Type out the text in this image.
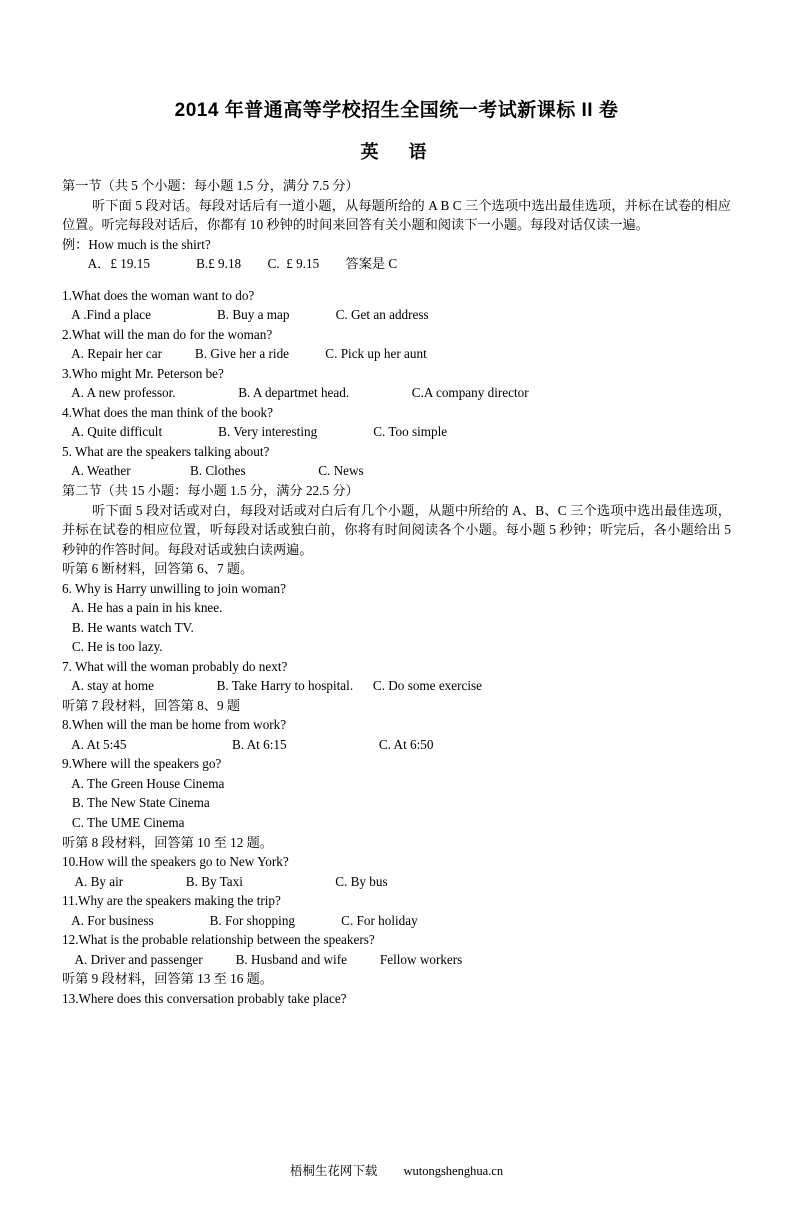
2014 年普通高等学校招生全国统一考试新课标 II 卷
英　语
第一节（共 5 个小题：每小题 1.5 分，满分 7.5 分）
听下面 5 段对话。每段对话后有一道小题，从每题所给的 A B C 三个选项中选出最佳选项，并标在试卷的相应位置。听完每段对话后，你都有 10 秒钟的时间来回答有关小题和阅读下一小题。每段对话仅读一遍。
例：How much is the shirt?
A．£ 19.15              B.£ 9.18        C.  £ 9.15        答案是 C
1.What does the woman want to do?
A .Find a place                    B. Buy a map              C. Get an address
2.What will the man do for the woman?
A. Repair her car          B. Give her a ride           C. Pick up her aunt
3.Who might Mr. Peterson be?
A. A new professor.                   B. A departmet head.                   C.A company director
4.What does the man think of the book?
A. Quite difficult                 B. Very interesting                 C. Too simple
5. What are the speakers talking about?
A. Weather                  B. Clothes                      C. News
第二节（共 15 小题：每小题 1.5 分，满分 22.5 分）
听下面 5 段对话或对白，每段对话或对白后有几个小题，从题中所给的 A、B、C 三个选项中选出最佳选项，并标在试卷的相应位置，听每段对话或独白前，你将有时间阅读各个小题。每小题 5 秒钟；听完后，各小题给出 5 秒钟的作答时间。每段对话或独白读两遍。
听第 6 断材料，回答第 6、7 题。
6. Why is Harry unwilling to join woman?
A. He has a pain in his knee.
B. He wants watch TV.
C. He is too lazy.
7. What will the woman probably do next?
A. stay at home                   B. Take Harry to hospital.      C. Do some exercise
听第 7 段材料，回答第 8、9 题
8.When will the man be home from work?
A. At 5:45                                B. At 6:15                            C. At 6:50
9.Where will the speakers go?
A. The Green House Cinema
B. The New State Cinema
C. The UME Cinema
听第 8 段材料，回答第 10 至 12 题。
10.How will the speakers go to New York?
A. By air                   B. By Taxi                            C. By bus
11.Why are the speakers making the trip?
A. For business                 B. For shopping              C. For holiday
12.What is the probable relationship between the speakers?
A. Driver and passenger          B. Husband and wife          Fellow workers
听第 9 段材料，回答第 13 至 16 题。
13.Where does this conversation probably take place?
梧桐生花网下载 wutongshenghua.cn
